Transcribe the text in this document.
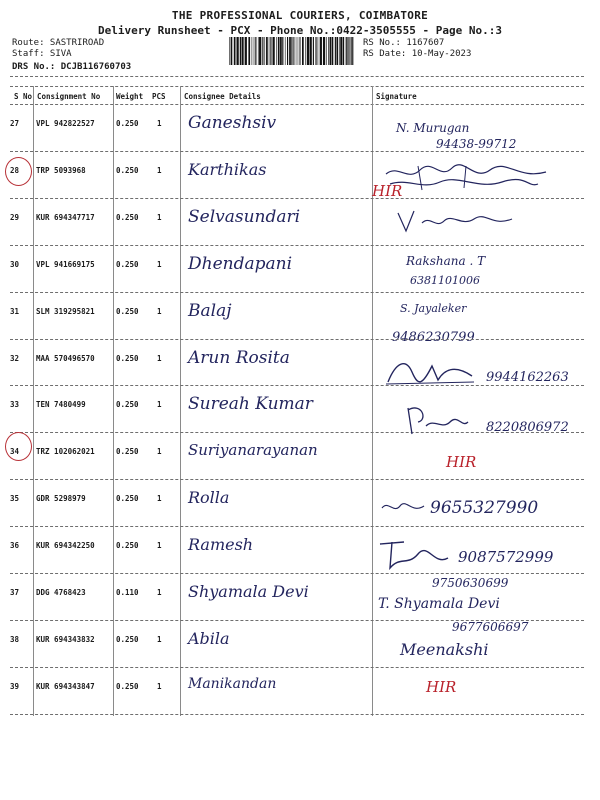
THE PROFESSIONAL COURIERS, COIMBATORE
Delivery Runsheet - PCX - Phone No.:0422-3505555 - Page No.:3
Route: SASTRIROAD
Staff: SIVA
DRS No.: DCJB116760703
RS No.: 1167607
RS Date: 10-May-2023
S No Consignment No Weight PCS Consignee Details	Signature
27 VPL 942822527	0.250 1 Ganeshsiv	N. Murugan
94438-99712
28 TRP 5093968	0.250 1 Karthikas
HIR
29 KUR 694347717	0.250 1 Selvasundari
30 VPL 941669175	0.250 1 Dhendapani	Rakshana . T
6381101006
31 SLM 319295821	0.250 1 Balaj	S. Jayaleker
9486230799
32 MAA 570496570	0.250 1 Arun Rosita
9944162263
33 TEN 7480499	0.250 1 Sureah Kumar
8220806972
34 TRZ 102062021	0.250 1 Suriyanarayanan
HIR
35 GDR 5298979	0.250 1 Rolla
9655327990
36 KUR 694342250	0.250 1 Ramesh
9087572999
37 DDG 4768423	0.110 1 Shyamala Devi
T. Shyamala Devi
9750630699
38 KUR 694343832	0.250 1 Abila
Meenakshi
9677606697
39 KUR 694343847	0.250 1 Manikandan	HIR
